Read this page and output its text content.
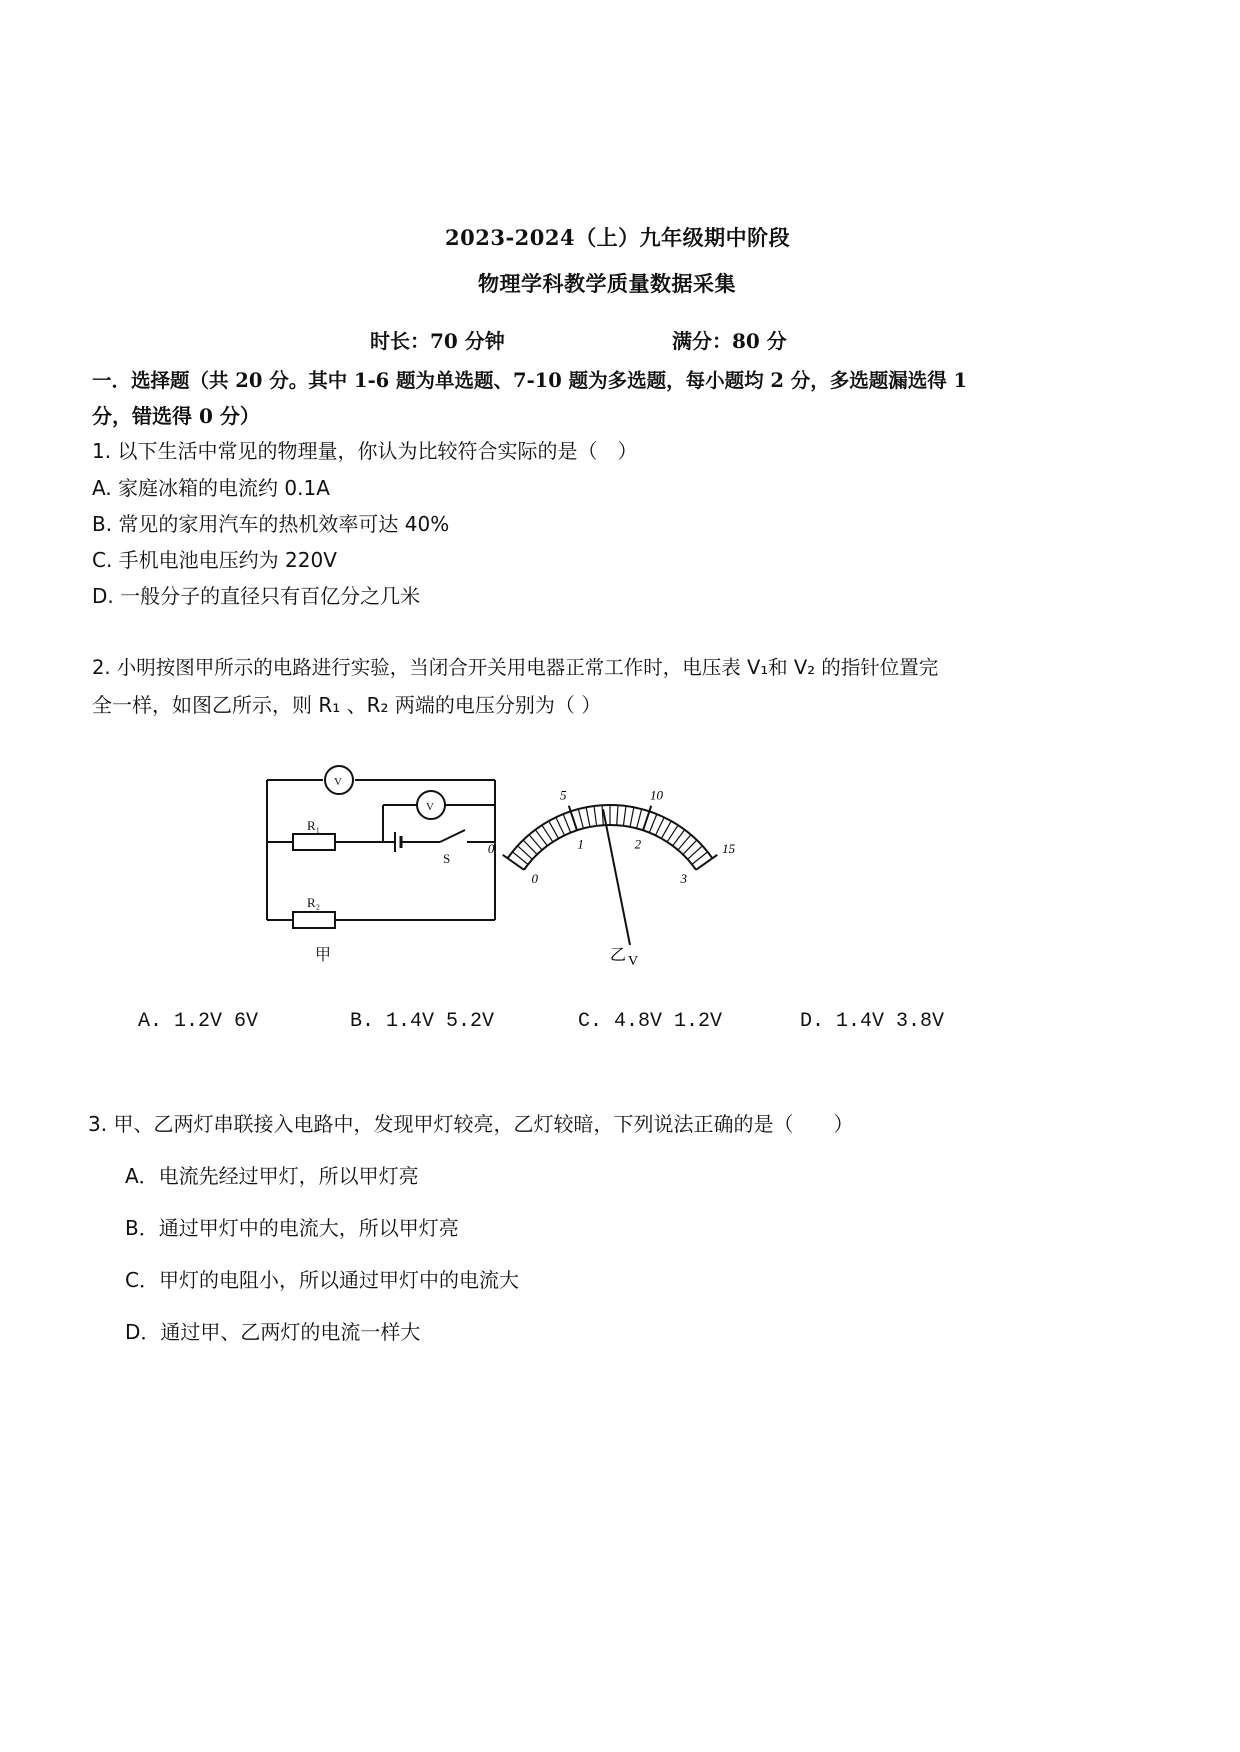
2023-2024（上）九年级期中阶段
物理学科教学质量数据采集
时长：70 分钟	满分：80 分
一．选择题（共 20 分。其中 1-6 题为单选题、7-10 题为多选题，每小题均 2 分，多选题漏选得 1
分，错选得 0 分）
1. 以下生活中常见的物理量，你认为比较符合实际的是（　）
A. 家庭冰箱的电流约 0.1A
B. 常见的家用汽车的热机效率可达 40%
C. 手机电池电压约为 220V
D. 一般分子的直径只有百亿分之几米
2. 小明按图甲所示的电路进行实验，当闭合开关用电器正常工作时，电压表 V₁和 V₂ 的指针位置完
全一样，如图乙所示，则 R₁ 、R₂ 两端的电压分别为（ ）
R₁
R₂
S
V
V
甲
0
5	10
15
0
1	2
3
V
乙
A. 1.2V 6V	B. 1.4V 5.2V	C. 4.8V 1.2V	D. 1.4V 3.8V
3. 甲、乙两灯串联接入电路中，发现甲灯较亮，乙灯较暗，下列说法正确的是（　　）
A．电流先经过甲灯，所以甲灯亮
B．通过甲灯中的电流大，所以甲灯亮
C．甲灯的电阻小，所以通过甲灯中的电流大
D．通过甲、乙两灯的电流一样大
